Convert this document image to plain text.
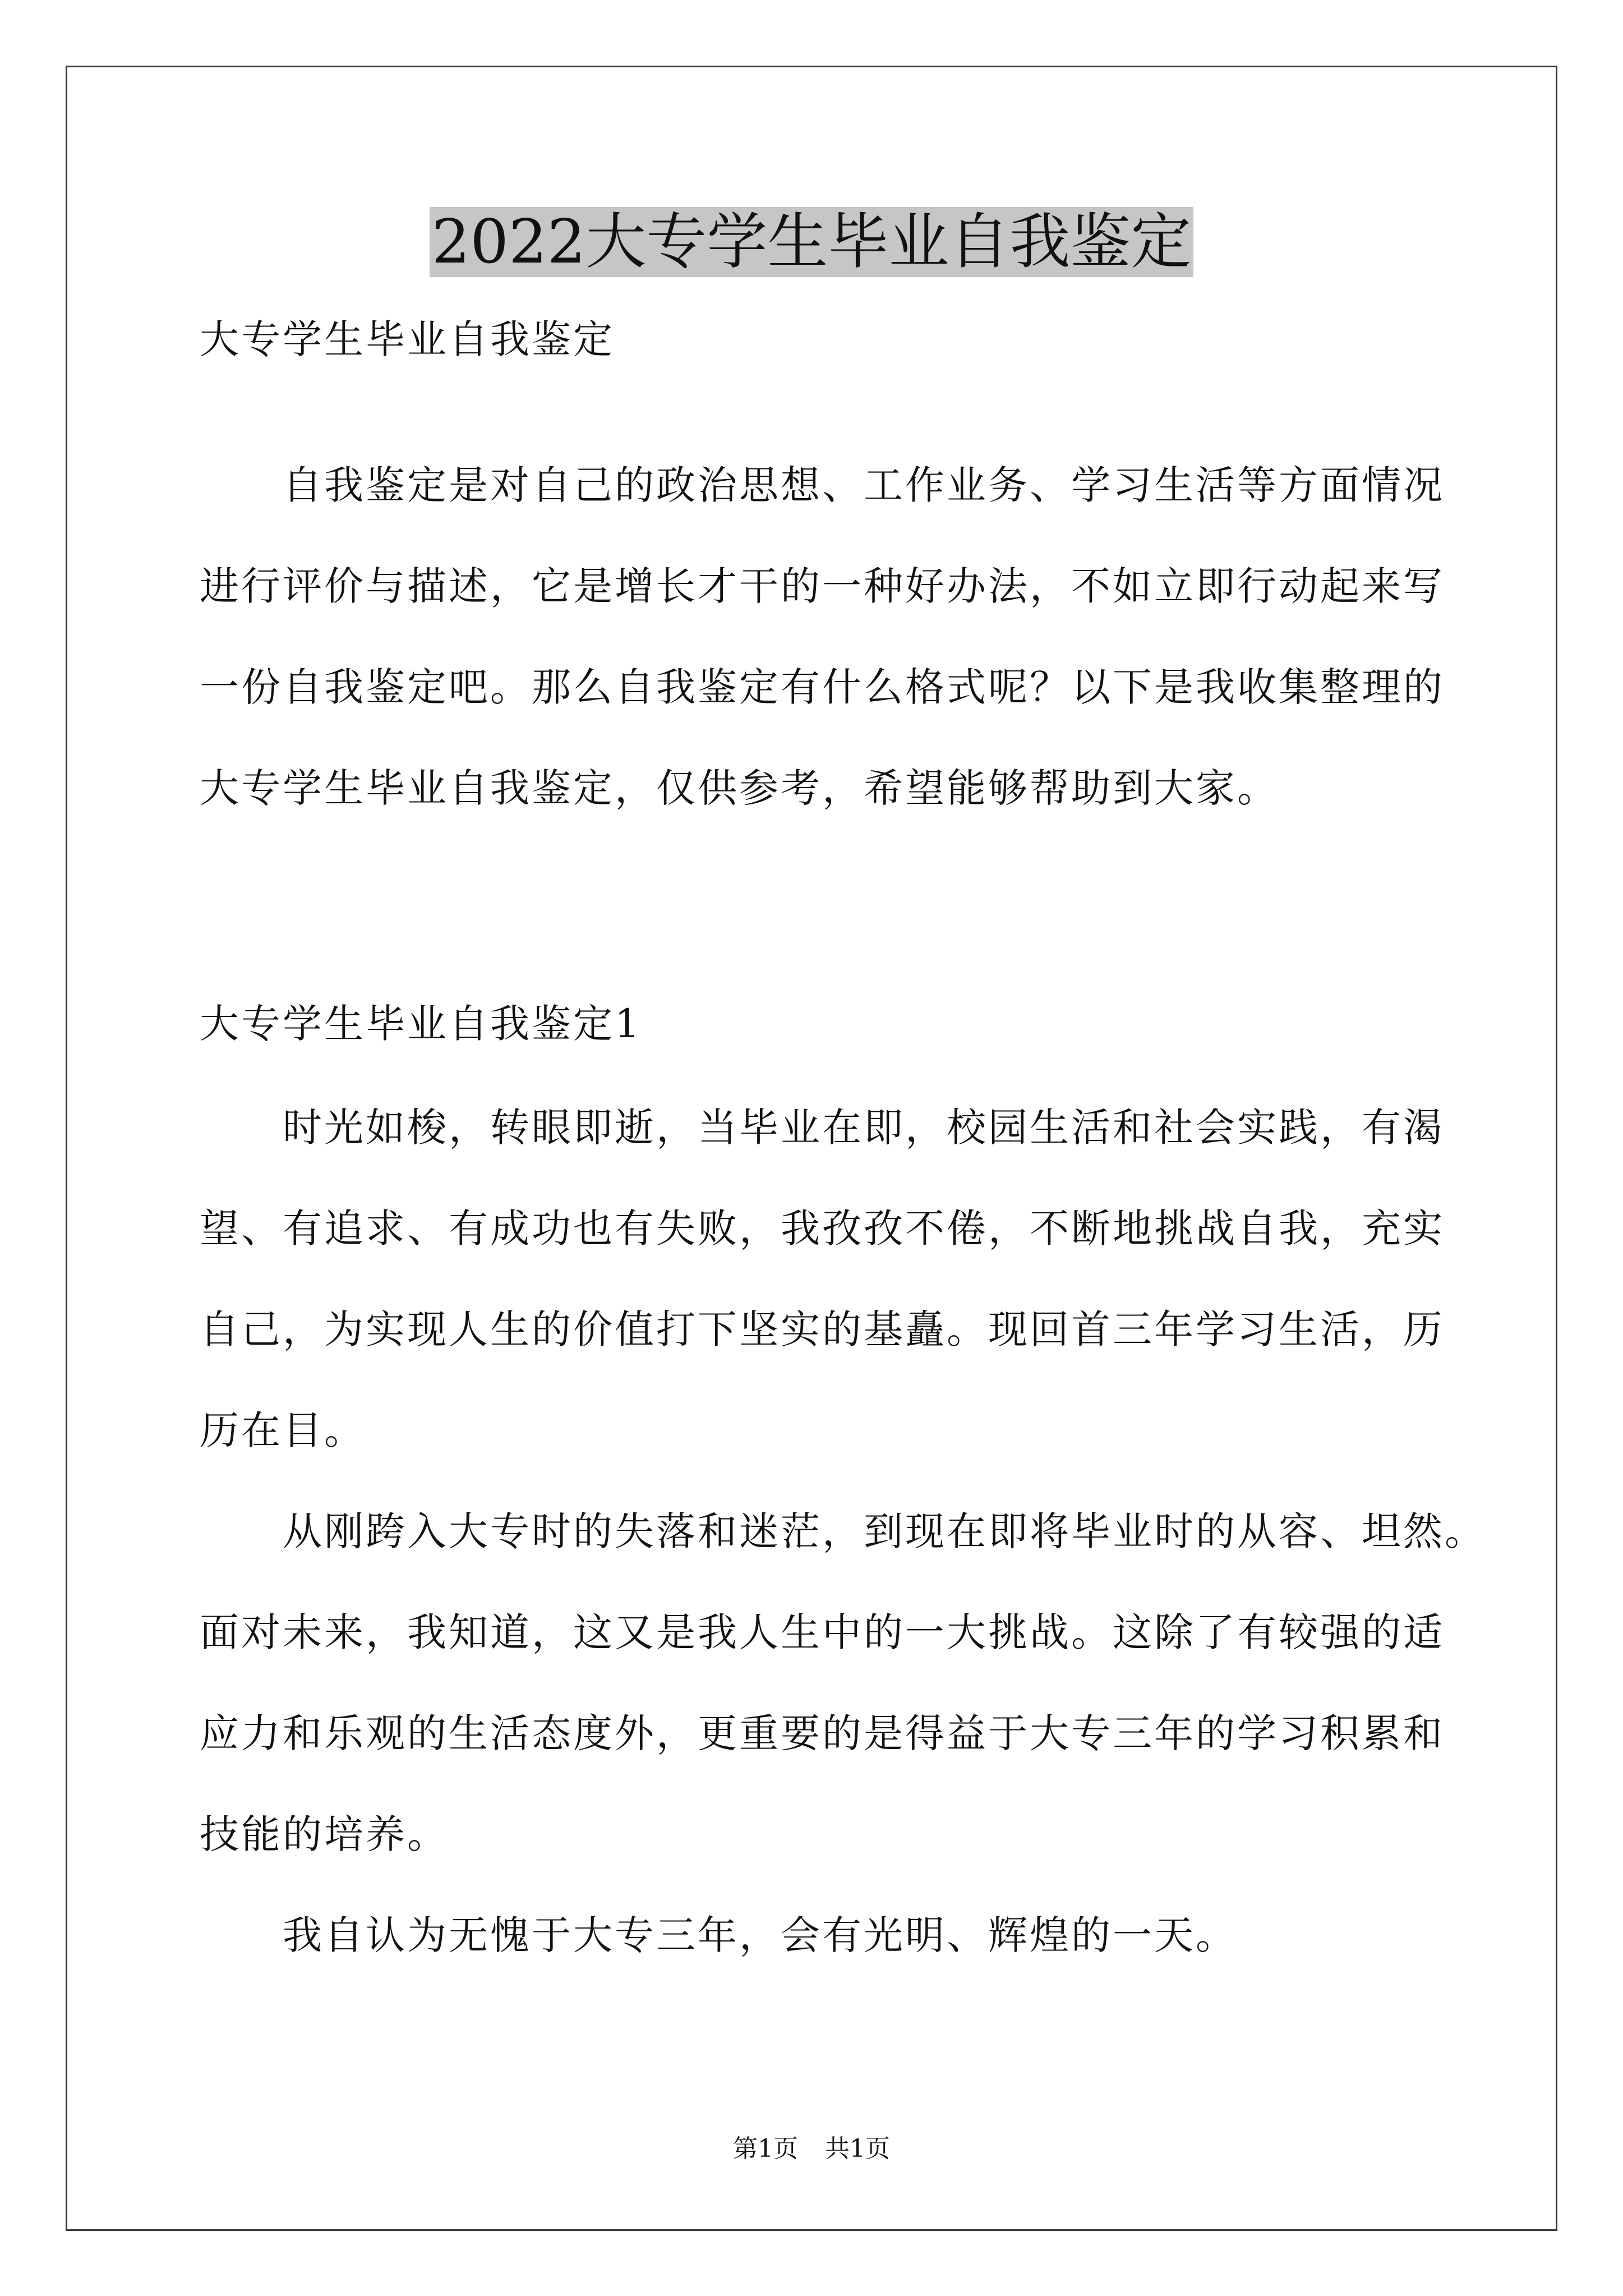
2022大专学生毕业自我鉴定
大专学生毕业自我鉴定
自我鉴定是对自己的政治思想、工作业务、学习生活等方面情况
进行评价与描述，它是增长才干的一种好办法，不如立即行动起来写
一份自我鉴定吧。那么自我鉴定有什么格式呢？以下是我收集整理的
大专学生毕业自我鉴定，仅供参考，希望能够帮助到大家。
大专学生毕业自我鉴定1
时光如梭，转眼即逝，当毕业在即，校园生活和社会实践，有渴
望、有追求、有成功也有失败，我孜孜不倦，不断地挑战自我，充实
自己，为实现人生的价值打下坚实的基矗。现回首三年学习生活，历
历在目。
从刚跨入大专时的失落和迷茫，到现在即将毕业时的从容、坦然。
面对未来，我知道，这又是我人生中的一大挑战。这除了有较强的适
应力和乐观的生活态度外，更重要的是得益于大专三年的学习积累和
技能的培养。
我自认为无愧于大专三年，会有光明、辉煌的一天。
第1页 共1页
